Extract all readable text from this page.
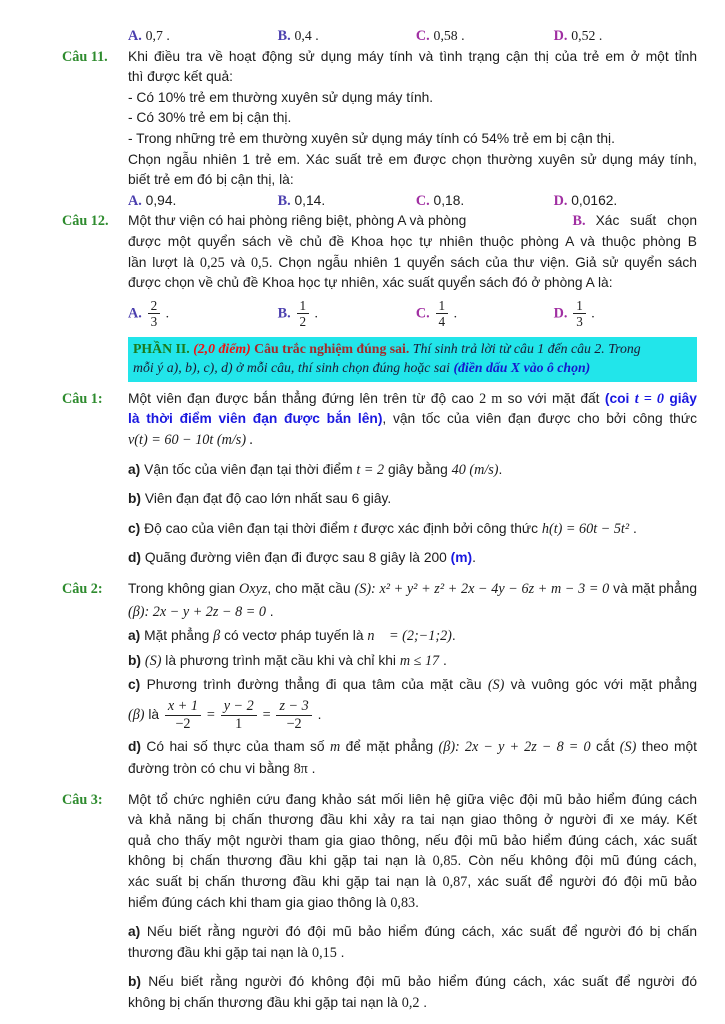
A. 0,7 .	B. 0,4 .	C. 0,58 .	D. 0,52 .
Câu 11.	Khi điều tra về hoạt động sử dụng máy tính và tình trạng cận thị của trẻ em ở một tỉnh
thì được kết quả:
- Có 10% trẻ em thường xuyên sử dụng máy tính.
- Có 30% trẻ em bị cận thị.
- Trong những trẻ em thường xuyên sử dụng máy tính có 54% trẻ em bị cận thị.
Chọn ngẫu nhiên 1 trẻ em. Xác suất trẻ em được chọn thường xuyên sử dụng máy tính,
biết trẻ em đó bị cận thị, là:
A. 0,94.	B. 0,14.	C. 0,18.	D. 0,0162.
Câu 12.	Một thư viện có hai phòng riêng biệt, phòng A và phòng	B. Xác suất chọn
được một quyển sách về chủ đề Khoa học tự nhiên thuộc phòng A và thuộc phòng B
lần lượt là 0,25 và 0,5. Chọn ngẫu nhiên 1 quyển sách của thư viện. Giả sử quyển sách
được chọn về chủ đề Khoa học tự nhiên, xác suất quyển sách đó ở phòng A là:
A. $\frac{2}{3}$ .	B. $\frac{1}{2}$ .	C. $\frac{1}{4}$ .	D. $\frac{1}{3}$ .
PHẦN II. (2,0 điểm) Câu trắc nghiệm đúng sai. Thí sinh trả lời từ câu 1 đến câu 2. Trong
mỗi ý a), b), c), d) ở mỗi câu, thí sinh chọn đúng hoặc sai (điền dấu X vào ô chọn)
Câu 1:	Một viên đạn được bắn thẳng đứng lên trên từ độ cao 2 m so với mặt đất (coi t = 0 giây
là thời điểm viên đạn được bắn lên), vận tốc của viên đạn được cho bởi công thức
v(t) = 60 − 10t (m/s) .
a) Vận tốc của viên đạn tại thời điểm t = 2 giây bằng 40 (m/s).
b) Viên đạn đạt độ cao lớn nhất sau 6 giây.
c) Độ cao của viên đạn tại thời điểm t được xác định bởi công thức h(t) = 60t − 5t² .
d) Quãng đường viên đạn đi được sau 8 giây là 200 (m).
Câu 2:	Trong không gian Oxyz, cho mặt cầu (S): x² + y² + z² + 2x − 4y − 6z + m − 3 = 0 và mặt phẳng
(β): 2x − y + 2z − 8 = 0 .
a) Mặt phẳng β có vectơ pháp tuyến là n⃗ = (2;−1;2).
b) (S) là phương trình mặt cầu khi và chỉ khi m ≤ 17 .
c) Phương trình đường thẳng đi qua tâm của mặt cầu (S) và vuông góc với mặt phẳng
(β) là $\frac{x + 1}{-2} = \frac{y - 2}{1} = \frac{z - 3}{-2}$ .
d) Có hai số thực của tham số m để mặt phẳng (β): 2x − y + 2z − 8 = 0 cắt (S) theo một
đường tròn có chu vi bằng 8π .
Câu 3:	Một tổ chức nghiên cứu đang khảo sát mối liên hệ giữa việc đội mũ bảo hiểm đúng cách
và khả năng bị chấn thương đầu khi xảy ra tai nạn giao thông ở người đi xe máy. Kết
quả cho thấy một người tham gia giao thông, nếu đội mũ bảo hiểm đúng cách, xác suất
không bị chấn thương đầu khi gặp tai nạn là 0,85. Còn nếu không đội mũ đúng cách,
xác suất bị chấn thương đầu khi gặp tai nạn là 0,87, xác suất để người đó đội mũ bảo
hiểm đúng cách khi tham gia giao thông là 0,83.
a) Nếu biết rằng người đó đội mũ bảo hiểm đúng cách, xác suất để người đó bị chấn
thương đầu khi gặp tai nạn là 0,15 .
b) Nếu biết rằng người đó không đội mũ bảo hiểm đúng cách, xác suất để người đó
không bị chấn thương đầu khi gặp tai nạn là 0,2 .
